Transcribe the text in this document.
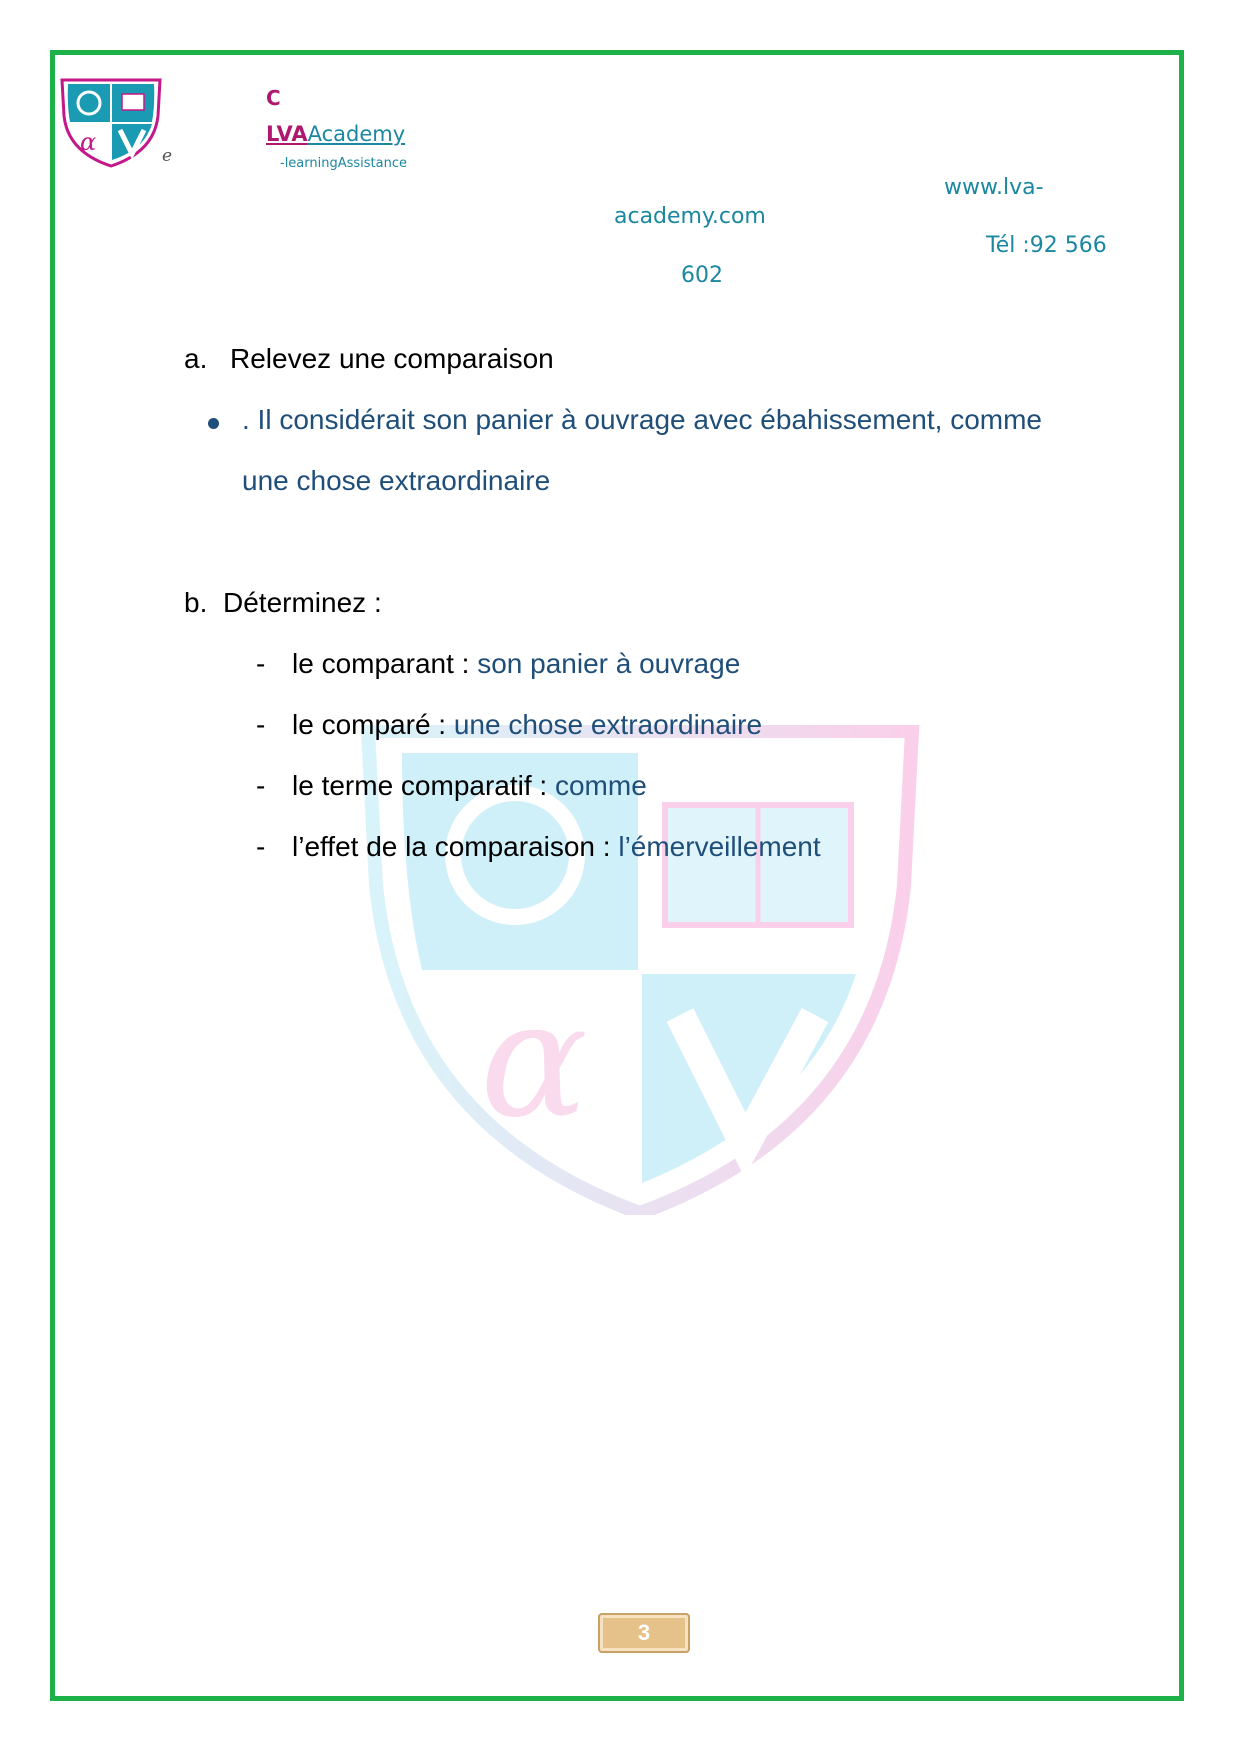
α	e
C
LVAAcademy
-learningAssistance
www.lva-
academy.com
Tél :92 566
602
α
a. Relevez une comparaison
. Il considérait son panier à ouvrage avec ébahissement, comme
une chose extraordinaire
b. Déterminez :
- le comparant : son panier à ouvrage
- le comparé : une chose extraordinaire
- le terme comparatif : comme
- l’effet de la comparaison : l’émerveillement
3
